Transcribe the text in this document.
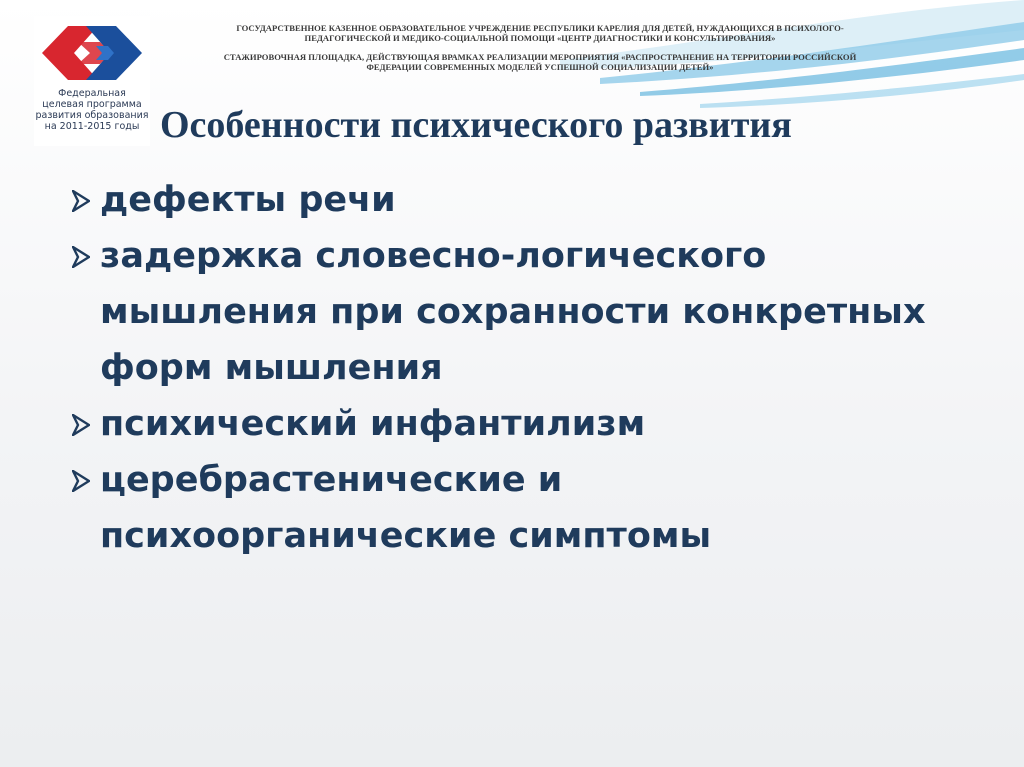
Федеральная
целевая программа
развития образования
на 2011-2015 годы
ГОСУДАРСТВЕННОЕ КАЗЕННОЕ ОБРАЗОВАТЕЛЬНОЕ УЧРЕЖДЕНИЕ РЕСПУБЛИКИ КАРЕЛИЯ ДЛЯ ДЕТЕЙ, НУЖДАЮЩИХСЯ В ПСИХОЛОГО-
ПЕДАГОГИЧЕСКОЙ И МЕДИКО-СОЦИАЛЬНОЙ ПОМОЩИ «ЦЕНТР ДИАГНОСТИКИ И КОНСУЛЬТИРОВАНИЯ»
СТАЖИРОВОЧНАЯ ПЛОЩАДКА, ДЕЙСТВУЮЩАЯ ВРАМКАХ РЕАЛИЗАЦИИ МЕРОПРИЯТИЯ «РАСПРОСТРАНЕНИЕ НА ТЕРРИТОРИИ РОССИЙСКОЙ
ФЕДЕРАЦИИ СОВРЕМЕННЫХ МОДЕЛЕЙ УСПЕШНОЙ СОЦИАЛИЗАЦИИ ДЕТЕЙ»
Особенности психического развития
дефекты речи
задержка словесно-логического
мышления при сохранности конкретных
форм мышления
психический инфантилизм
церебрастенические и
психоорганические симптомы
